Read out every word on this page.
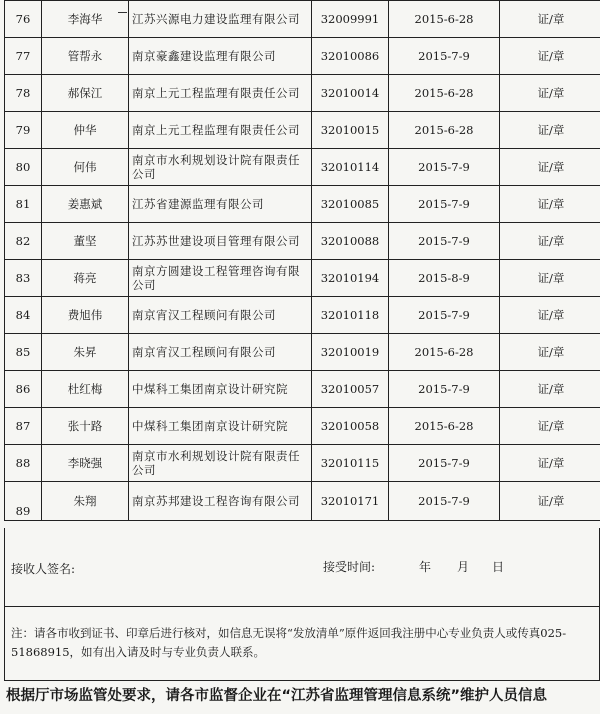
76	李海华	江苏兴源电力建设监理有限公司	32009991	2015-6-28	证/章
77	管帮永	南京豪鑫建设监理有限公司	32010086	2015-7-9	证/章
78	郝保江	南京上元工程监理有限责任公司	32010014	2015-6-28	证/章
79	仲华	南京上元工程监理有限责任公司	32010015	2015-6-28	证/章
80	何伟	南京市水利规划设计院有限责任公司	32010114	2015-7-9	证/章
81	姜惠斌	江苏省建源监理有限公司	32010085	2015-7-9	证/章
82	董坚	江苏苏世建设项目管理有限公司	32010088	2015-7-9	证/章
83	蒋亮	南京方圆建设工程管理咨询有限公司	32010194	2015-8-9	证/章
84	费旭伟	南京宵汉工程顾问有限公司	32010118	2015-7-9	证/章
85	朱昇	南京宵汉工程顾问有限公司	32010019	2015-6-28	证/章
86	杜红梅	中煤科工集团南京设计研究院	32010057	2015-7-9	证/章
87	张十路	中煤科工集团南京设计研究院	32010058	2015-6-28	证/章
88	李晓强	南京市水利规划设计院有限责任公司	32010115	2015-7-9	证/章
89	朱翔	南京苏邦建设工程咨询有限公司	32010171	2015-7-9	证/章
接收人签名:	接受时间:	年 月 日
注：请各市收到证书、印章后进行核对，如信息无误将“发放清单”原件返回我注册中心专业负责人或传真025-51868915，如有出入请及时与专业负责人联系。
根据厅市场监管处要求，请各市监督企业在“江苏省监理管理信息系统”维护人员信息
